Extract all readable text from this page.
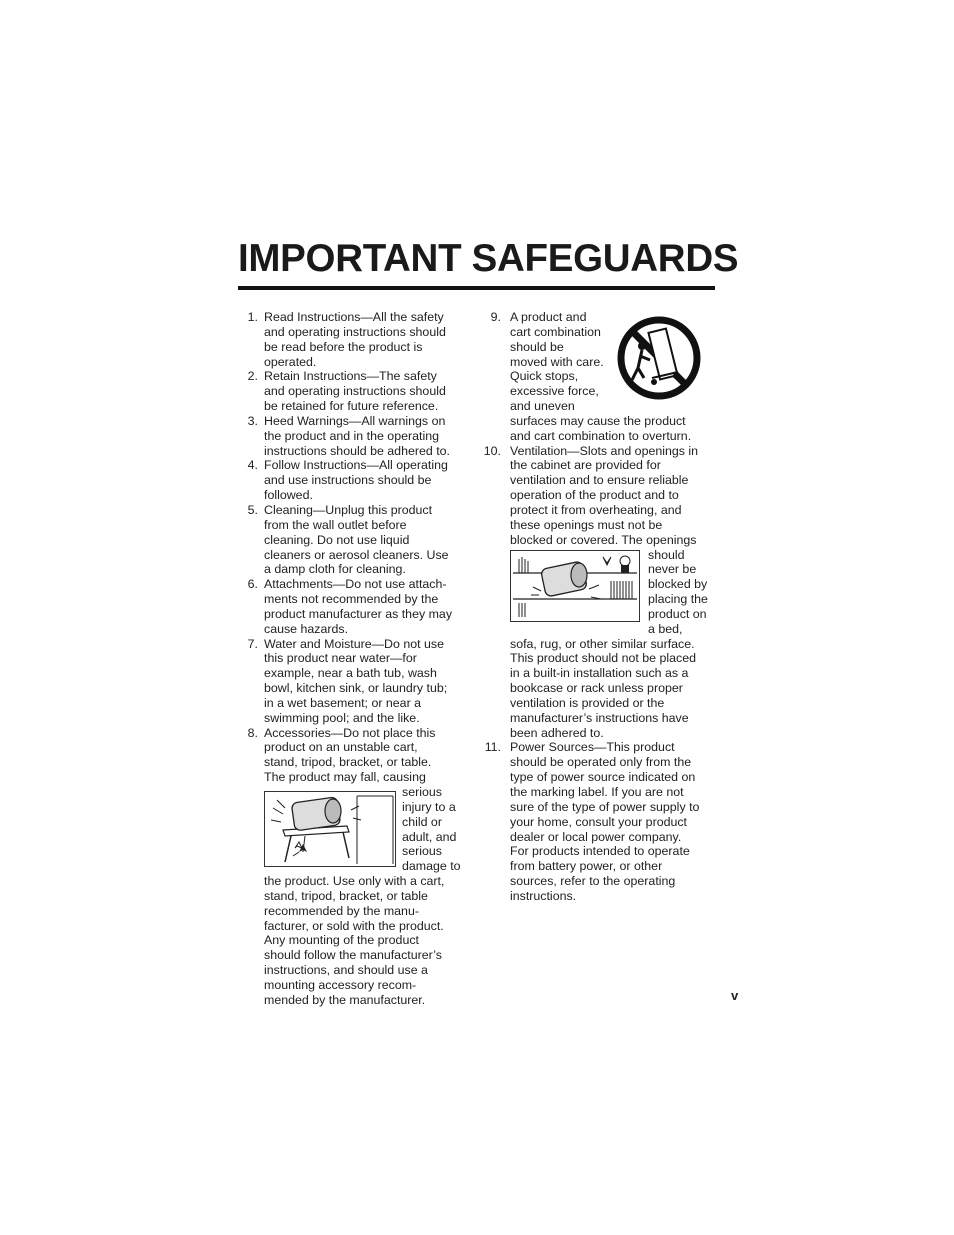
IMPORTANT SAFEGUARDS
1. Read Instructions—All the safety
and operating instructions should
be read before the product is
operated.
2. Retain Instructions—The safety
and operating instructions should
be retained for future reference.
3. Heed Warnings—All warnings on
the product and in the operating
instructions should be adhered to.
4. Follow Instructions—All operating
and use instructions should be
followed.
5. Cleaning—Unplug this product
from the wall outlet before
cleaning. Do not use liquid
cleaners or aerosol cleaners. Use
a damp cloth for cleaning.
6. Attachments—Do not use attach-
ments not recommended by the
product manufacturer as they may
cause hazards.
7. Water and Moisture—Do not use
this product near water—for
example, near a bath tub, wash
bowl, kitchen sink, or laundry tub;
in a wet basement; or near a
swimming pool; and the like.
8. Accessories—Do not place this
product on an unstable cart,
stand, tripod, bracket, or table.
The product may fall, causing
serious
injury to a
child or
adult, and
serious
damage to
the product. Use only with a cart,
stand, tripod, bracket, or table
recommended by the manu-
facturer, or sold with the product.
Any mounting of the product
should follow the manufacturer’s
instructions, and should use a
mounting accessory recom-
mended by the manufacturer.
9. A product and
cart combination
should be
moved with care.
Quick stops,
excessive force,
and uneven
surfaces may cause the product
and cart combination to overturn.
10. Ventilation—Slots and openings in
the cabinet are provided for
ventilation and to ensure reliable
operation of the product and to
protect it from overheating, and
these openings must not be
blocked or covered. The openings
should
never be
blocked by
placing the
product on
a bed,
sofa, rug, or other similar surface.
This product should not be placed
in a built-in installation such as a
bookcase or rack unless proper
ventilation is provided or the
manufacturer’s instructions have
been adhered to.
11. Power Sources—This product
should be operated only from the
type of power source indicated on
the marking label. If you are not
sure of the type of power supply to
your home, consult your product
dealer or local power company.
For products intended to operate
from battery power, or other
sources, refer to the operating
instructions.
v
